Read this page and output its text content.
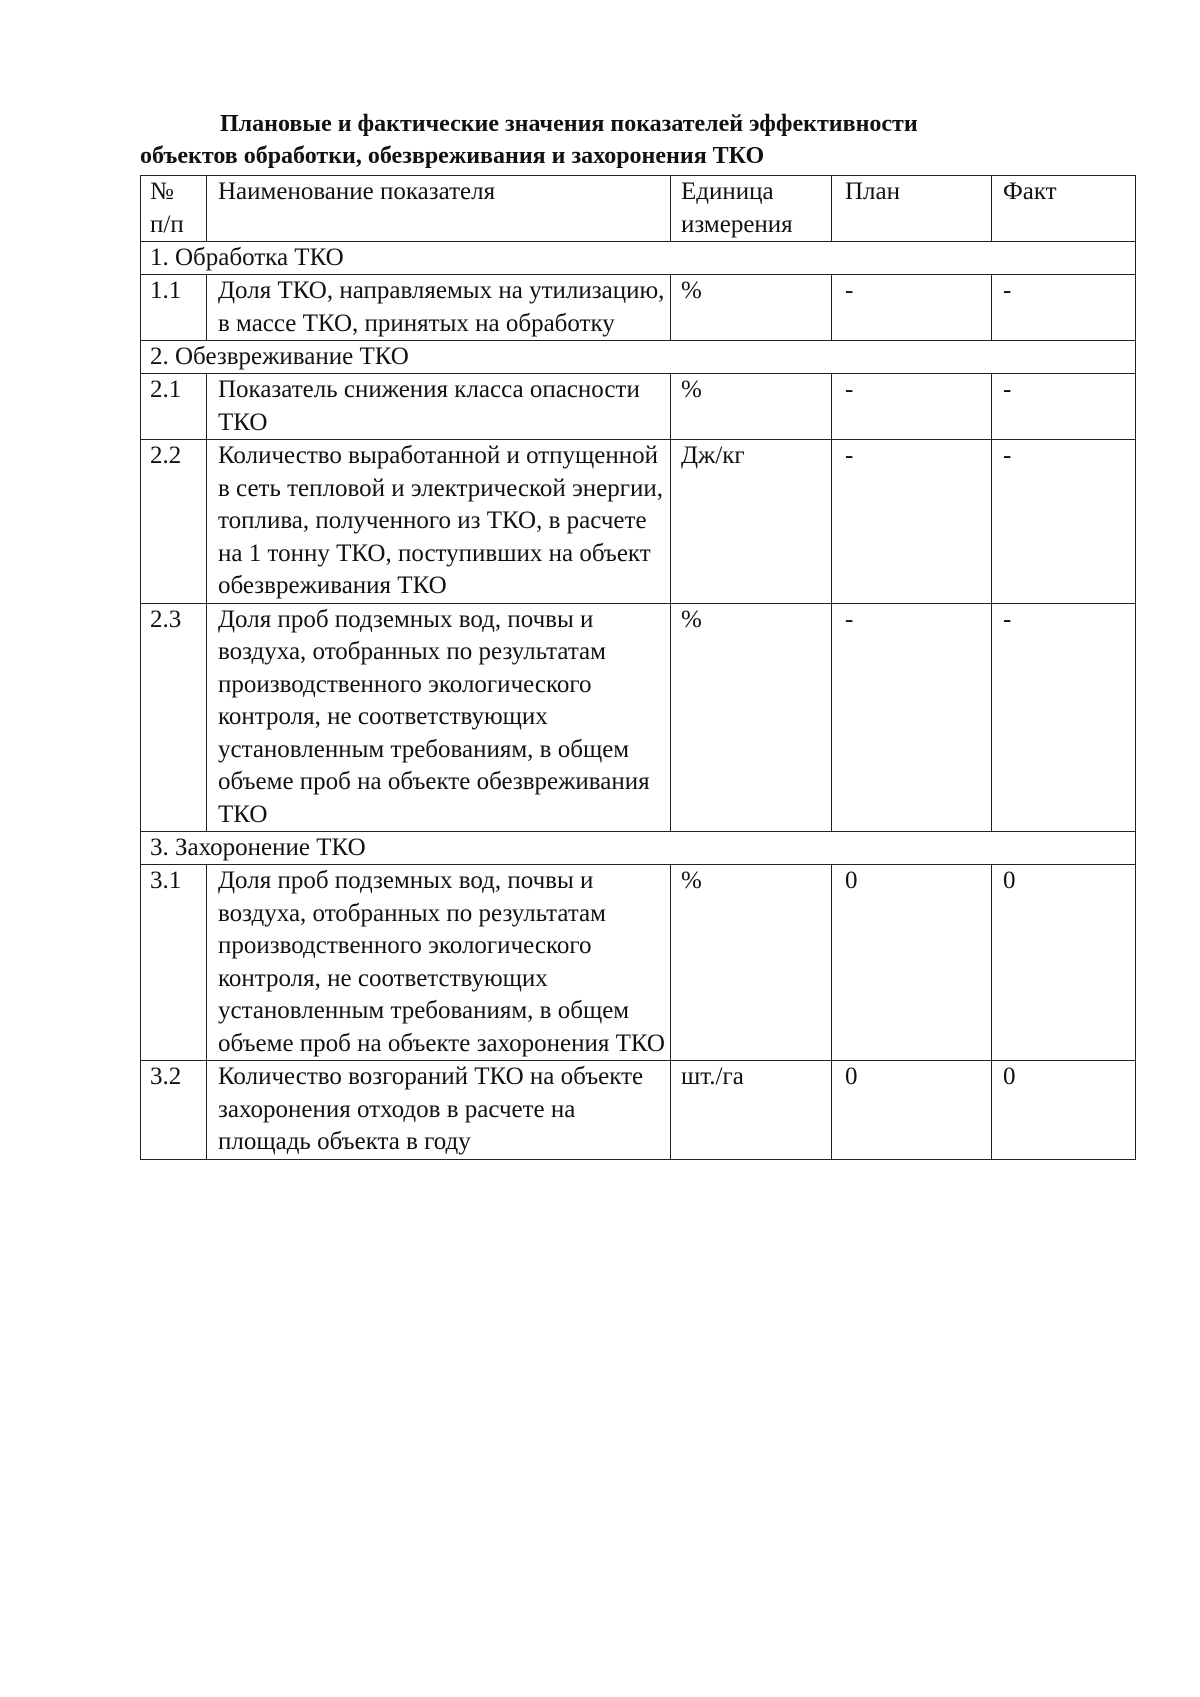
Плановые и фактические значения показателей эффективности
объектов обработки, обезвреживания и захоронения ТКО
№ п/п	Наименование показателя	Единица измерения	План	Факт
1. Обработка ТКО				
1.1	Доля ТКО, направляемых на утилизацию, в массе ТКО, принятых на обработку	%	-	-
2. Обезвреживание ТКО				
2.1	Показатель снижения класса опасности ТКО	%	-	-
2.2	Количество выработанной и отпущенной в сеть тепловой и электрической энергии, топлива, полученного из ТКО, в расчете на 1 тонну ТКО, поступивших на объект обезвреживания ТКО	Дж/кг	-	-
2.3	Доля проб подземных вод, почвы и воздуха, отобранных по результатам производственного экологического контроля, не соответствующих установленным требованиям, в общем объеме проб на объекте обезвреживания ТКО	%	-	-
3. Захоронение ТКО				
3.1	Доля проб подземных вод, почвы и воздуха, отобранных по результатам производственного экологического контроля, не соответствующих установленным требованиям, в общем объеме проб на объекте захоронения ТКО	%	0	0
3.2	Количество возгораний ТКО на объекте захоронения отходов в расчете на площадь объекта в году	шт./га	0	0
